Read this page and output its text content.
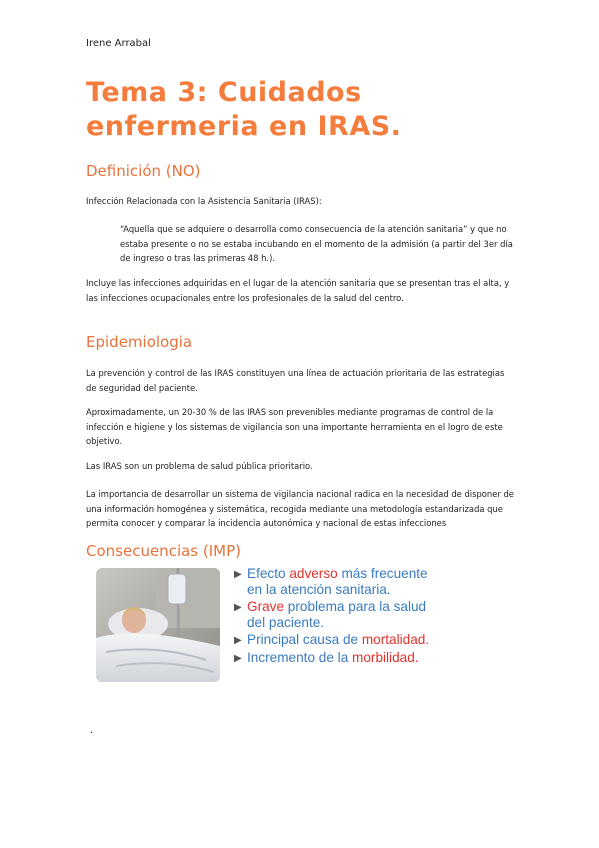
Irene Arrabal
Tema 3: Cuidados enfermeria en IRAS.
Definición (NO)

Infección Relacionada con la Asistencia Sanitaria (IRAS):

“Aquella que se adquiere o desarrolla como consecuencia de la atención sanitaria” y que no estaba presente o no se estaba incubando en el momento de la admisión (a partir del 3er día de ingreso o tras las primeras 48 h.).

Incluye las infecciones adquiridas en el lugar de la atención sanitaria que se presentan tras el alta, y las infecciones ocupacionales entre los profesionales de la salud del centro.

Epidemiologia

La prevención y control de las IRAS constituyen una línea de actuación prioritaria de las estrategias de seguridad del paciente.

Aproximadamente, un 20-30 % de las IRAS son prevenibles mediante programas de control de la infección e higiene y los sistemas de vigilancia son una importante herramienta en el logro de este objetivo.

Las IRAS son un problema de salud pública prioritario.

La importancia de desarrollar un sistema de vigilancia nacional radica en la necesidad de disponer de una información homogénea y sistemática, recogida mediante una metodología estandarizada que permita conocer y comparar la incidencia autonómica y nacional de estas infecciones

Consecuencias (IMP)
▶ Efecto adverso más frecuente en la atención sanitaria.
▶ Grave problema para la salud del paciente.
▶ Principal causa de mortalidad.
▶ Incremento de la morbilidad.
.
